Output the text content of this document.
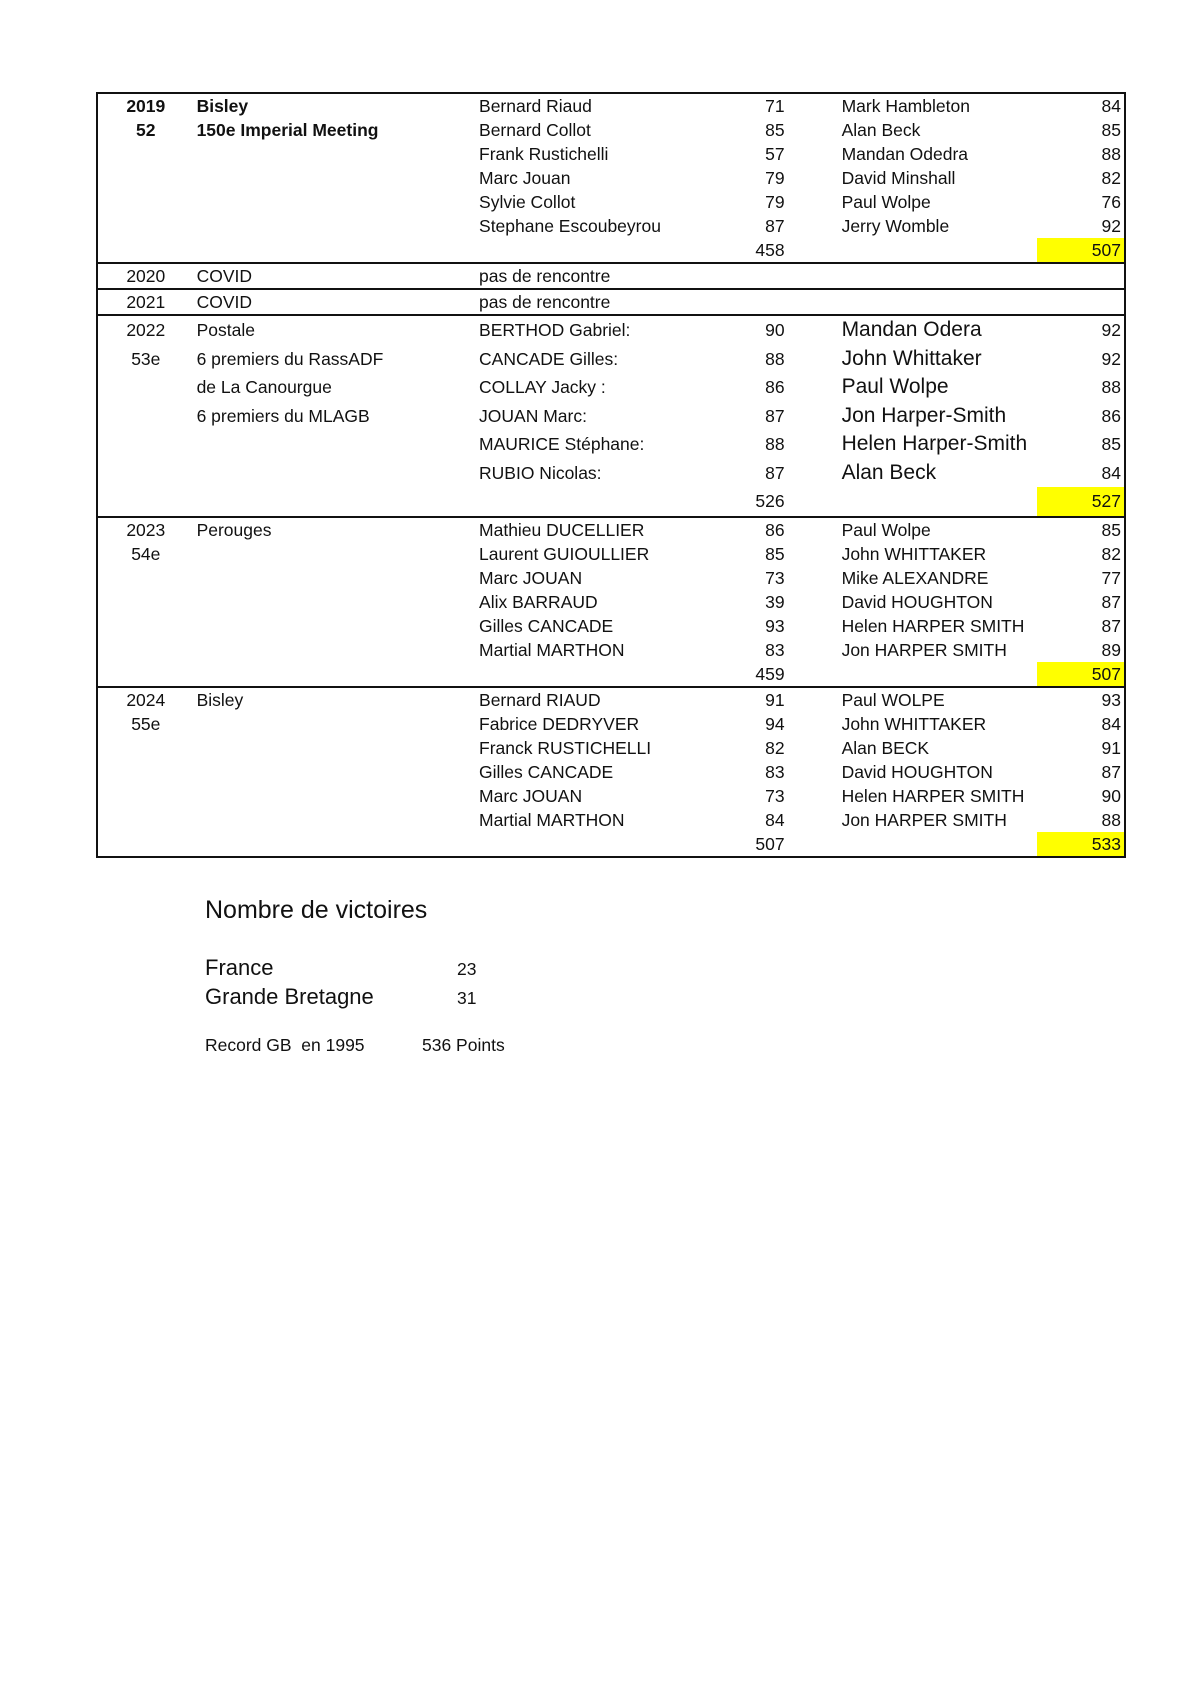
2019	Bisley	Bernard Riaud	71	Mark Hambleton	84
52	150e Imperial Meeting	Bernard Collot	85	Alan Beck	85
		Frank Rustichelli	57	Mandan Odedra	88
		Marc Jouan	79	David Minshall	82
		Sylvie Collot	79	Paul Wolpe	76
		Stephane Escoubeyrou	87	Jerry Womble	92
			458		507
2020	COVID	pas de rencontre			
2021	COVID	pas de rencontre			
2022	Postale	BERTHOD Gabriel:	90	Mandan Odera	92
53e	6 premiers du RassADF	CANCADE Gilles:	88	John Whittaker	92
	de La Canourgue	COLLAY Jacky :	86	Paul Wolpe	88
	6 premiers du MLAGB	JOUAN Marc:	87	Jon Harper-Smith	86
		MAURICE Stéphane:	88	Helen Harper-Smith	85
		RUBIO Nicolas:	87	Alan Beck	84
			526		527
2023	Perouges	Mathieu DUCELLIER	86	Paul Wolpe	85
54e		Laurent GUIOULLIER	85	John WHITTAKER	82
		Marc JOUAN	73	Mike ALEXANDRE	77
		Alix BARRAUD	39	David HOUGHTON	87
		Gilles CANCADE	93	Helen HARPER SMITH	87
		Martial MARTHON	83	Jon HARPER SMITH	89
			459		507
2024	Bisley	Bernard RIAUD	91	Paul WOLPE	93
55e		Fabrice DEDRYVER	94	John WHITTAKER	84
		Franck RUSTICHELLI	82	Alan BECK	91
		Gilles CANCADE	83	David HOUGHTON	87
		Marc JOUAN	73	Helen HARPER SMITH	90
		Martial MARTHON	84	Jon HARPER SMITH	88
			507		533
Nombre de victoires
France	23
Grande Bretagne	31
Record GB  en 1995	536 Points
